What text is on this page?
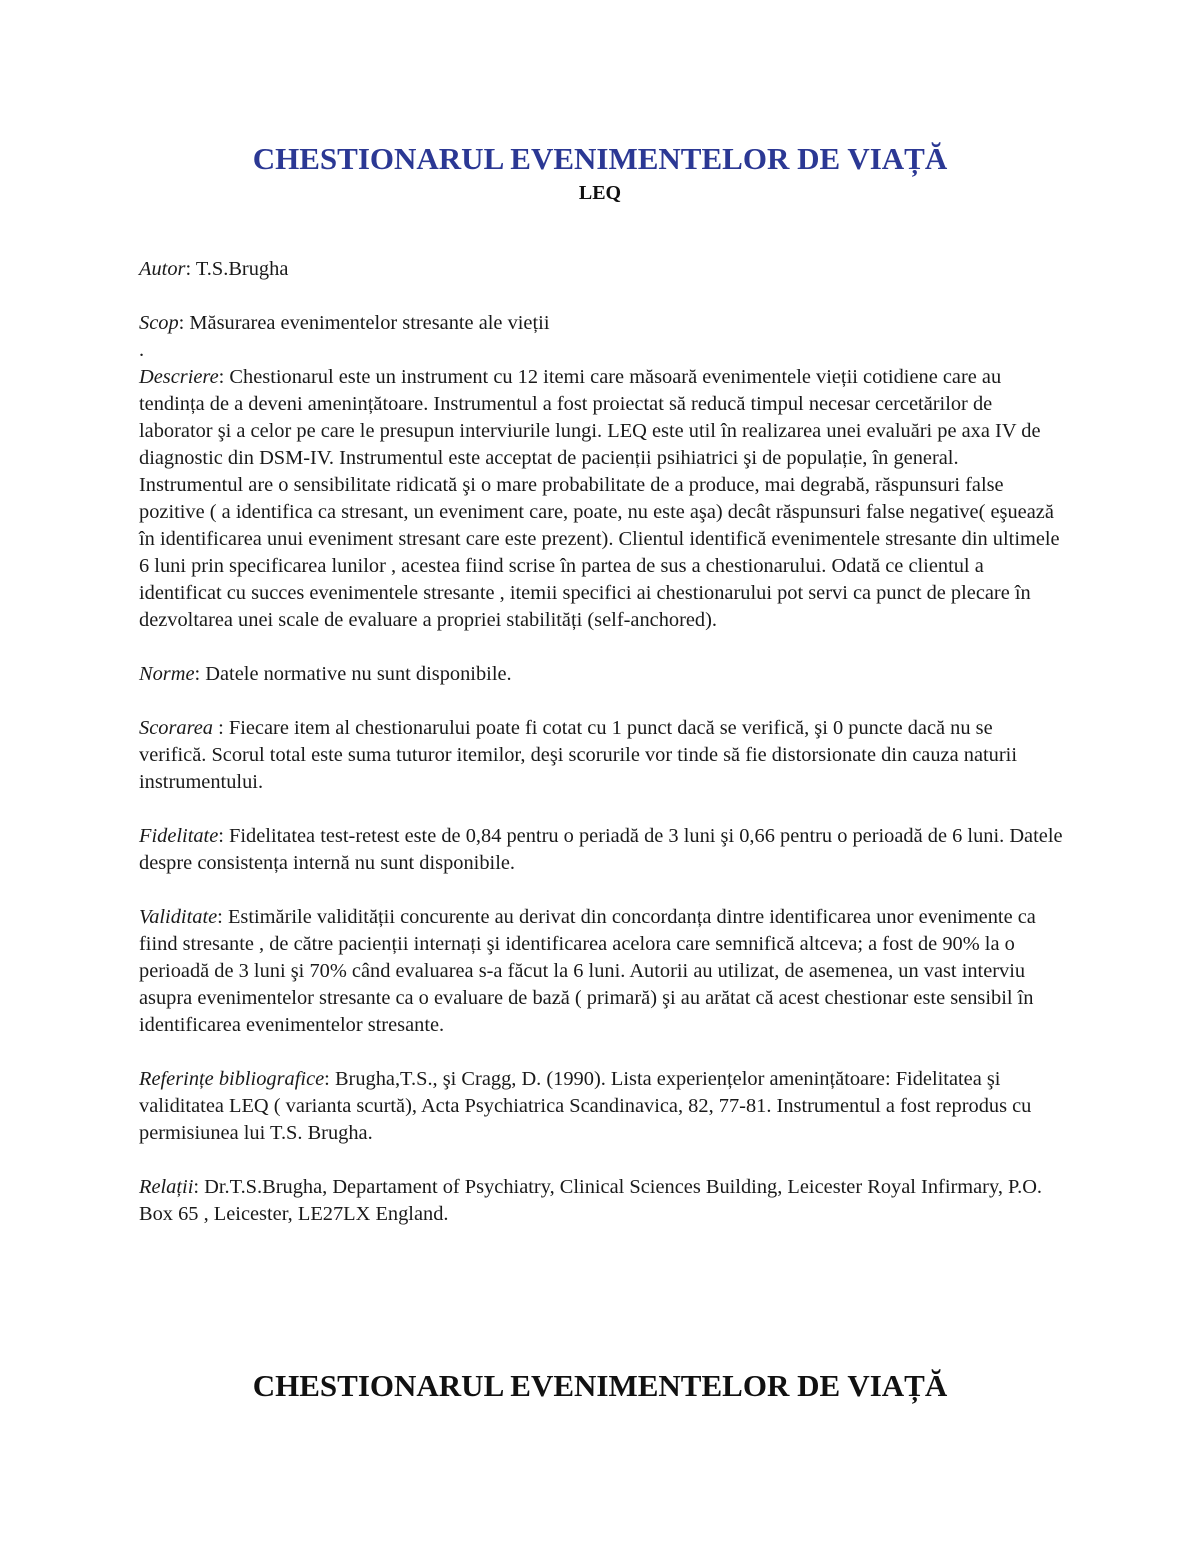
CHESTIONARUL EVENIMENTELOR DE VIAȚĂ
LEQ

Autor: T.S.Brugha

Scop: Măsurarea evenimentelor stresante ale vieții

.

Descriere: Chestionarul este un instrument cu 12 itemi care măsoară evenimentele vieții cotidiene care au tendința de a deveni amenințătoare. Instrumentul a fost proiectat să reducă timpul necesar cercetărilor de laborator şi a celor pe care le presupun interviurile lungi. LEQ este util în realizarea unei evaluări pe axa IV de diagnostic din DSM-IV. Instrumentul este acceptat de pacienții psihiatrici şi de populație, în general. Instrumentul are o sensibilitate ridicată şi o mare probabilitate de a produce, mai degrabă, răspunsuri false pozitive ( a identifica ca stresant, un eveniment care, poate, nu este aşa) decât răspunsuri false negative( eşuează în identificarea unui eveniment stresant care este prezent). Clientul identifică evenimentele stresante din ultimele 6 luni prin specificarea lunilor , acestea fiind scrise în partea de sus a chestionarului. Odată ce clientul a identificat cu succes evenimentele stresante , itemii specifici ai chestionarului pot servi ca punct de plecare în dezvoltarea unei scale de evaluare a propriei stabilități (self-anchored).

Norme: Datele normative nu sunt disponibile.

Scorarea : Fiecare item al chestionarului poate fi cotat cu 1 punct dacă se verifică, şi 0 puncte dacă nu se verifică. Scorul total este suma tuturor itemilor, deşi scorurile vor tinde să fie distorsionate din cauza naturii instrumentului.

Fidelitate: Fidelitatea test-retest este de 0,84 pentru o periadă de 3 luni şi 0,66 pentru o perioadă de 6 luni. Datele despre consistența internă nu sunt disponibile.

Validitate: Estimările validității concurente au derivat din concordanța dintre identificarea unor evenimente ca fiind stresante , de către pacienții internați şi identificarea acelora care semnifică altceva; a fost de 90% la o perioadă de 3 luni şi 70% când evaluarea s-a făcut la 6 luni. Autorii au utilizat, de asemenea, un vast interviu asupra evenimentelor stresante ca o evaluare de bază ( primară) şi au arătat că acest chestionar este sensibil în identificarea evenimentelor stresante.

Referințe bibliografice: Brugha,T.S., şi Cragg, D. (1990). Lista experiențelor amenințătoare: Fidelitatea şi validitatea LEQ ( varianta scurtă), Acta Psychiatrica Scandinavica, 82, 77-81. Instrumentul a fost reprodus cu permisiunea lui T.S. Brugha.

Relații: Dr.T.S.Brugha, Departament of Psychiatry, Clinical Sciences Building, Leicester Royal Infirmary, P.O. Box 65 , Leicester, LE27LX England.

CHESTIONARUL EVENIMENTELOR DE VIAȚĂ
